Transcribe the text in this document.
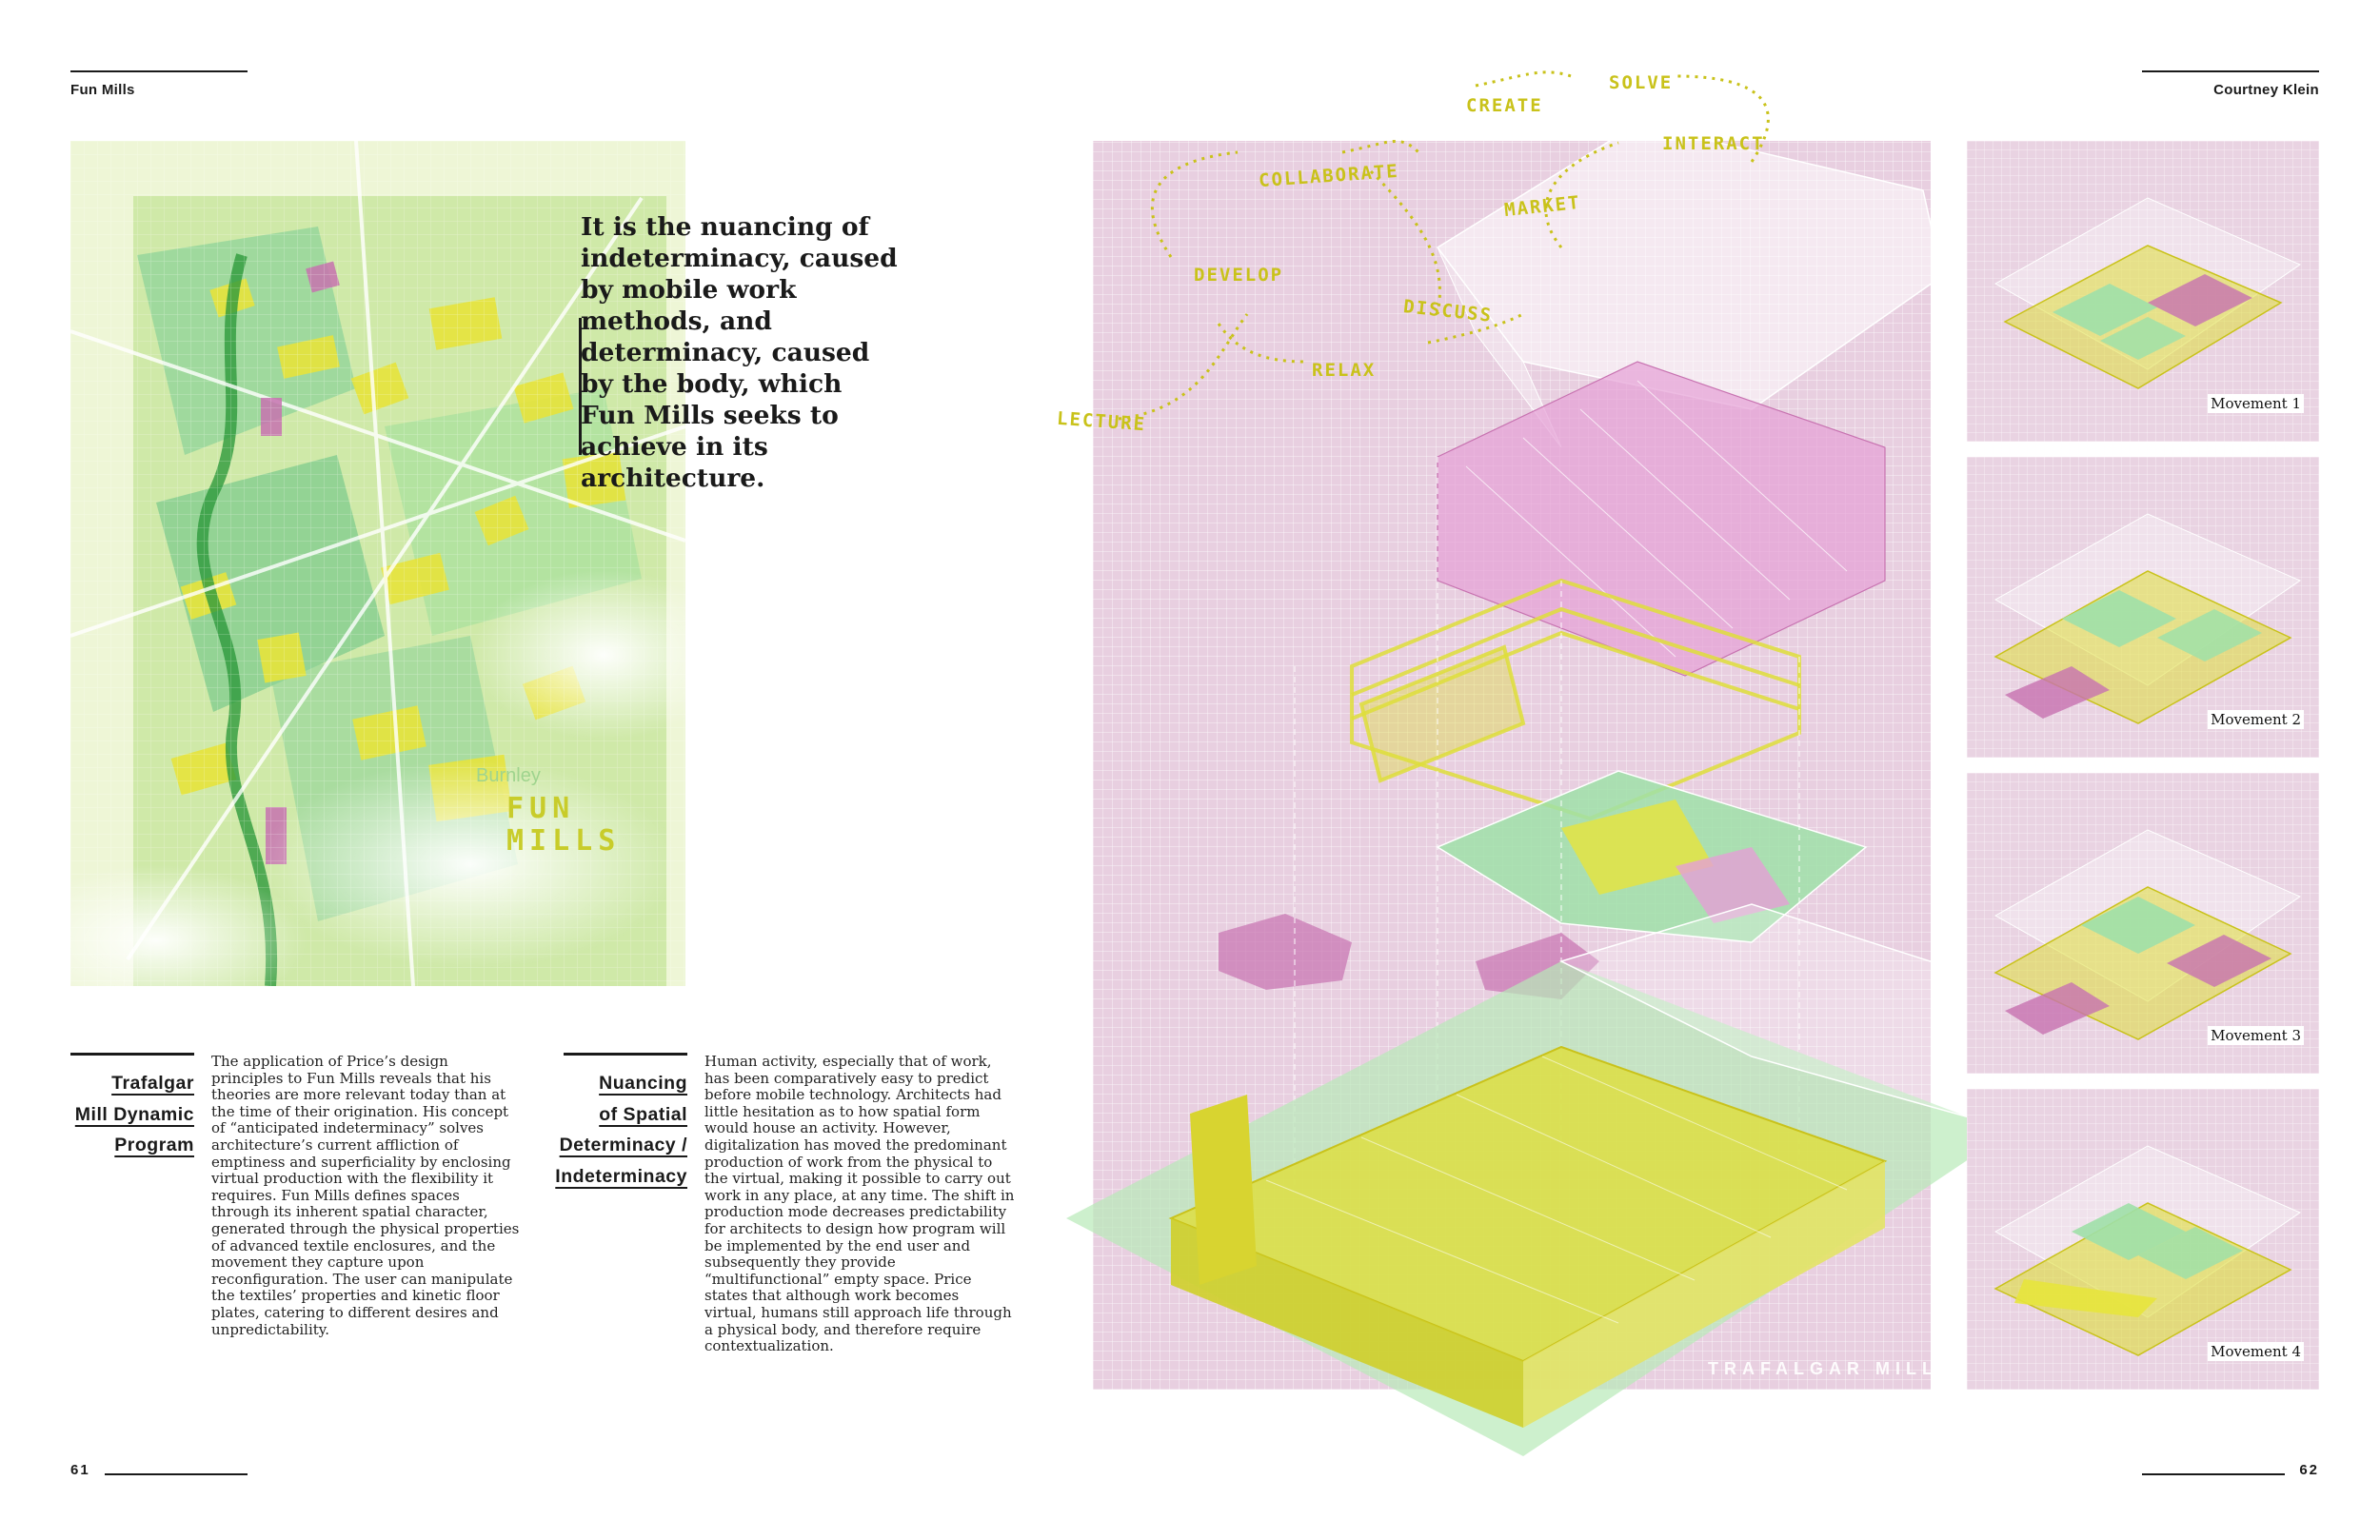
Fun Mills	Courtney Klein
Burnley
FUN
MILLS
It is the nuancing of indeterminacy, caused by mobile work methods, and determinacy, caused by the body, which Fun Mills seeks to achieve in its architecture.
Trafalgar
Mill Dynamic
Program
The application of Price’s design principles to Fun Mills reveals that his theories are more relevant today than at the time of their origination. His concept of “anticipated indeterminacy” solves architecture’s current affliction of emptiness and superficiality by enclosing virtual production with the flexibility it requires. Fun Mills defines spaces through its inherent spatial character, generated through the physical properties of advanced textile enclosures, and the movement they capture upon reconfiguration. The user can manipulate the textiles’ properties and kinetic floor plates, catering to different desires and unpredictability.
Nuancing
of Spatial
Determinacy /
Indeterminacy
Human activity, especially that of work, has been comparatively easy to predict before mobile technology. Architects had little hesitation as to how spatial form would house an activity. However, digitalization has moved the predominant production of work from the physical to the virtual, making it possible to carry out work in any place, at any time. The shift in production mode decreases predictability for architects to design how program will be implemented by the end user and subsequently they provide “multifunctional” empty space. Price states that although work becomes virtual, humans still approach life through a physical body, and therefore require contextualization.
CREATE
SOLVE
COLLABORATE
INTERACT
MARKET
DEVELOP
DISCUSS
RELAX
LECTURE
TRAFALGAR MILL
Movement 1
Movement 2
Movement 3
Movement 4
61	62
